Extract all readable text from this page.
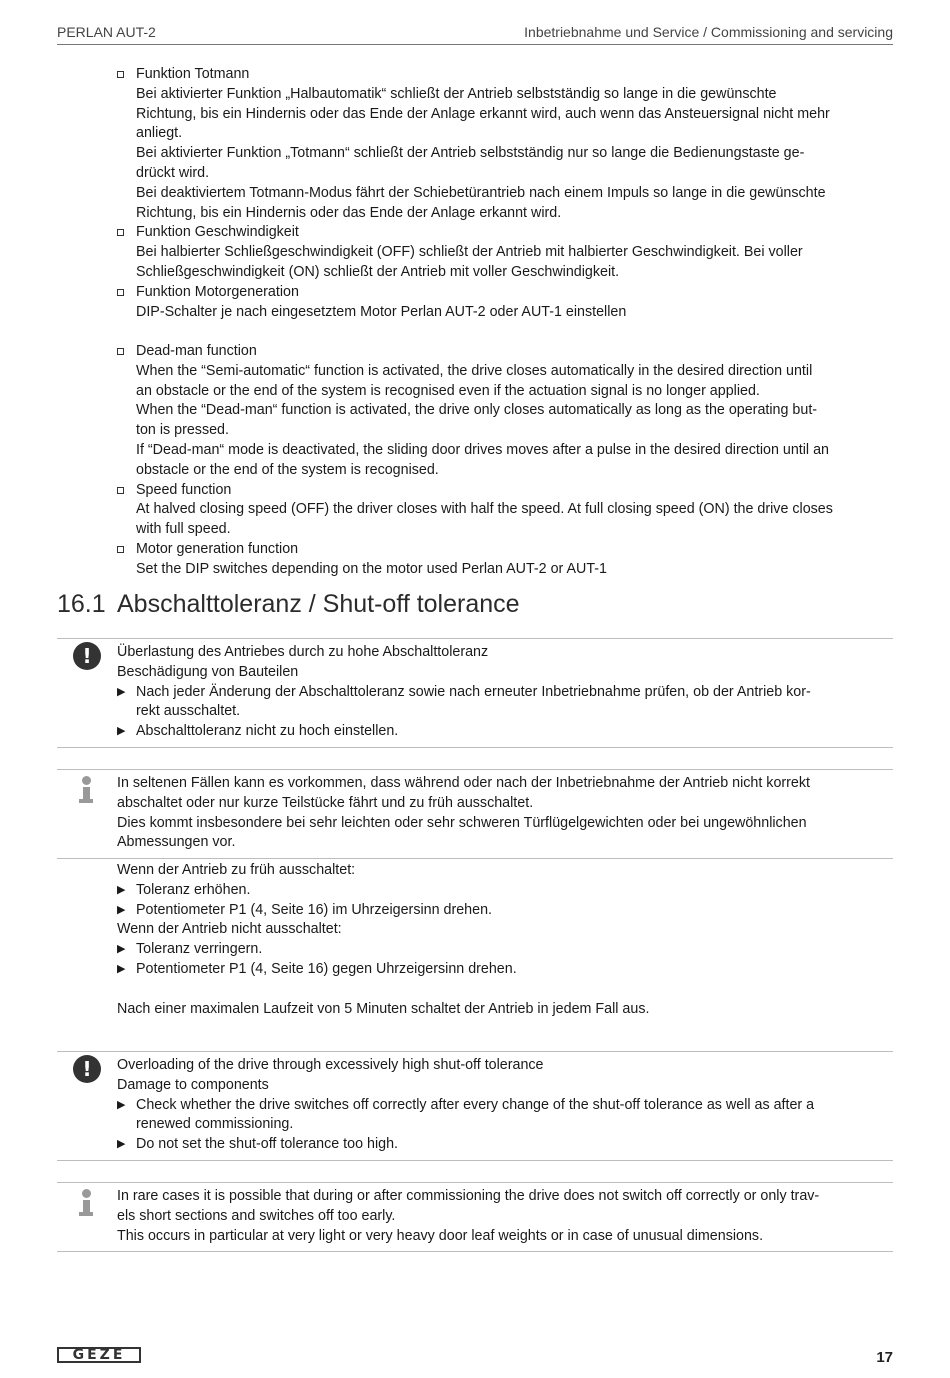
PERLAN AUT-2	Inbetriebnahme und Service / Commissioning and servicing
Funktion Totmann
Bei aktivierter Funktion „Halbautomatik“ schließt der Antrieb selbstständig so lange in die gewünschte
Richtung, bis ein Hindernis oder das Ende der Anlage erkannt wird, auch wenn das Ansteuersignal nicht mehr
anliegt.
Bei aktivierter Funktion „Totmann“ schließt der Antrieb selbstständig nur so lange die Bedienungstaste ge-
drückt wird.
Bei deaktiviertem Totmann-Modus fährt der Schiebetürantrieb nach einem Impuls so lange in die gewünschte
Richtung, bis ein Hindernis oder das Ende der Anlage erkannt wird.
Funktion Geschwindigkeit
Bei halbierter Schließgeschwindigkeit (OFF) schließt der Antrieb mit halbierter Geschwindigkeit. Bei voller
Schließgeschwindigkeit (ON) schließt der Antrieb mit voller Geschwindigkeit.
Funktion Motorgeneration
DIP-Schalter je nach eingesetztem Motor Perlan AUT-2 oder AUT-1 einstellen
Dead-man function
When the “Semi-automatic“ function is activated, the drive closes automatically in the desired direction until
an obstacle or the end of the system is recognised even if the actuation signal is no longer applied.
When the “Dead-man“ function is activated, the drive only closes automatically as long as the operating but-
ton is pressed.
If “Dead-man“ mode is deactivated, the sliding door drives moves after a pulse in the desired direction until an
obstacle or the end of the system is recognised.
Speed function
At halved closing speed (OFF) the driver closes with half the speed. At full closing speed (ON) the drive closes
with full speed.
Motor generation function
Set the DIP switches depending on the motor used Perlan AUT-2 or AUT-1
16.1 Abschalttoleranz / Shut-off tolerance
!	Überlastung des Antriebes durch zu hohe Abschalttoleranz
Beschädigung von Bauteilen
▶ Nach jeder Änderung der Abschalttoleranz sowie nach erneuter Inbetriebnahme prüfen, ob der Antrieb kor-
rekt ausschaltet.
▶ Abschalttoleranz nicht zu hoch einstellen.
In seltenen Fällen kann es vorkommen, dass während oder nach der Inbetriebnahme der Antrieb nicht korrekt
abschaltet oder nur kurze Teilstücke fährt und zu früh ausschaltet.
Dies kommt insbesondere bei sehr leichten oder sehr schweren Türflügelgewichten oder bei ungewöhnlichen
Abmessungen vor.
Wenn der Antrieb zu früh ausschaltet:
▶ Toleranz erhöhen.
▶ Potentiometer P1 (4, Seite 16) im Uhrzeigersinn drehen.
Wenn der Antrieb nicht ausschaltet:
▶ Toleranz verringern.
▶ Potentiometer P1 (4, Seite 16) gegen Uhrzeigersinn drehen.
Nach einer maximalen Laufzeit von 5 Minuten schaltet der Antrieb in jedem Fall aus.
!	Overloading of the drive through excessively high shut-off tolerance
Damage to components
▶ Check whether the drive switches off correctly after every change of the shut-off tolerance as well as after a
renewed commissioning.
▶ Do not set the shut-off tolerance too high.
In rare cases it is possible that during or after commissioning the drive does not switch off correctly or only trav-
els short sections and switches off too early.
This occurs in particular at very light or very heavy door leaf weights or in case of unusual dimensions.
GEZE	17
